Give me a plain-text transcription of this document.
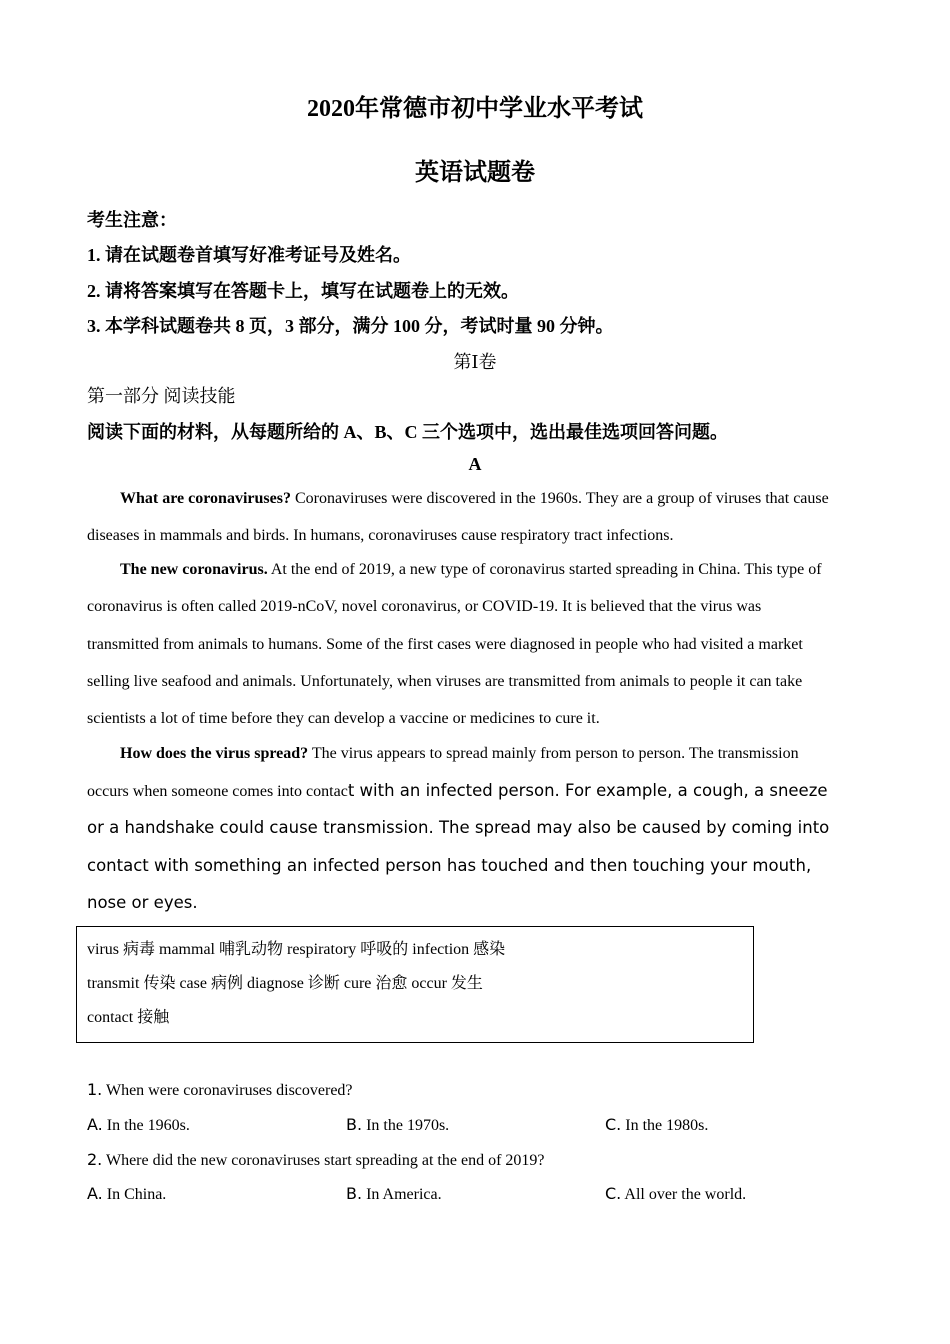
2020年常德市初中学业水平考试
英语试题卷
考生注意：
1. 请在试题卷首填写好准考证号及姓名。
2. 请将答案填写在答题卡上，填写在试题卷上的无效。
3. 本学科试题卷共 8 页，3 部分，满分 100 分，考试时量 90 分钟。
第Ⅰ卷
第一部分 阅读技能
阅读下面的材料，从每题所给的 A、B、C 三个选项中，选出最佳选项回答问题。
A
What are coronaviruses? Coronaviruses were discovered in the 1960s. They are a group of viruses that cause
diseases in mammals and birds. In humans, coronaviruses cause respiratory tract infections.
The new coronavirus. At the end of 2019, a new type of coronavirus started spreading in China. This type of
coronavirus is often called 2019-nCoV, novel coronavirus, or COVID-19. It is believed that the virus was
transmitted from animals to humans. Some of the first cases were diagnosed in people who had visited a market
selling live seafood and animals. Unfortunately, when viruses are transmitted from animals to people it can take
scientists a lot of time before they can develop a vaccine or medicines to cure it.
How does the virus spread? The virus appears to spread mainly from person to person. The transmission
occurs when someone comes into contact with an infected person. For example, a cough, a sneeze
or a handshake could cause transmission. The spread may also be caused by coming into
contact with something an infected person has touched and then touching your mouth,
nose or eyes.
virus 病毒 mammal 哺乳动物 respiratory 呼吸的 infection 感染
transmit 传染 case 病例 diagnose 诊断 cure 治愈 occur 发生
contact 接触
1. When were coronaviruses discovered?
A. In the 1960s.	B. In the 1970s.	C. In the 1980s.
2. Where did the new coronaviruses start spreading at the end of 2019?
A. In China.	B. In America.	C. All over the world.
